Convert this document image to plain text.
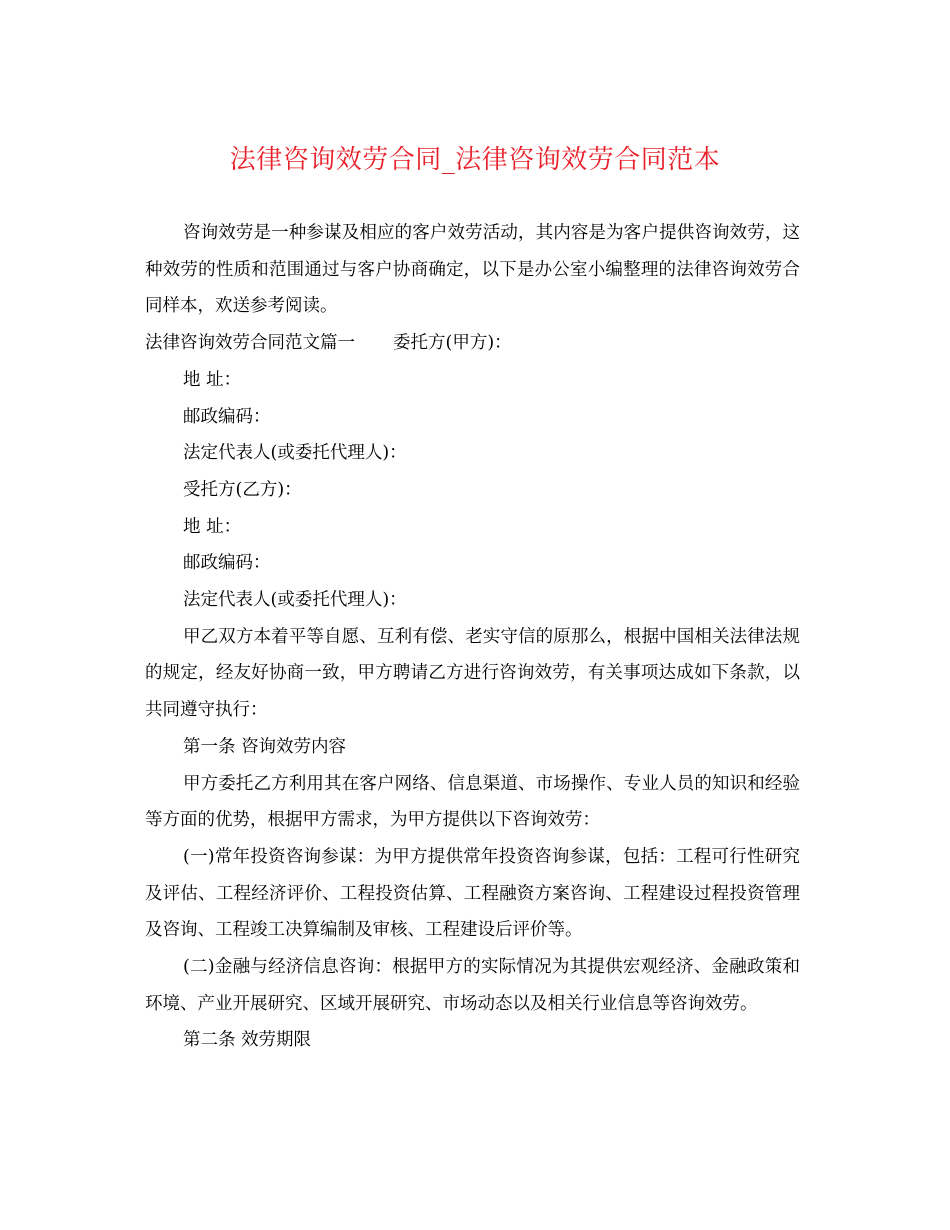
法律咨询效劳合同_法律咨询效劳合同范本

咨询效劳是一种参谋及相应的客户效劳活动，其内容是为客户提供咨询效劳，这种效劳的性质和范围通过与客户协商确定，以下是办公室小编整理的法律咨询效劳合同样本，欢送参考阅读。

法律咨询效劳合同范文篇一 委托方(甲方)：

地 址：

邮政编码：

法定代表人(或委托代理人)：

受托方(乙方)：

地 址：

邮政编码：

法定代表人(或委托代理人)：

甲乙双方本着平等自愿、互利有偿、老实守信的原那么，根据中国相关法律法规的规定，经友好协商一致，甲方聘请乙方进行咨询效劳，有关事项达成如下条款，以共同遵守执行：

第一条 咨询效劳内容

甲方委托乙方利用其在客户网络、信息渠道、市场操作、专业人员的知识和经验等方面的优势，根据甲方需求，为甲方提供以下咨询效劳：

(一)常年投资咨询参谋：为甲方提供常年投资咨询参谋，包括：工程可行性研究及评估、工程经济评价、工程投资估算、工程融资方案咨询、工程建设过程投资管理及咨询、工程竣工决算编制及审核、工程建设后评价等。

(二)金融与经济信息咨询：根据甲方的实际情况为其提供宏观经济、金融政策和环境、产业开展研究、区域开展研究、市场动态以及相关行业信息等咨询效劳。

第二条 效劳期限
